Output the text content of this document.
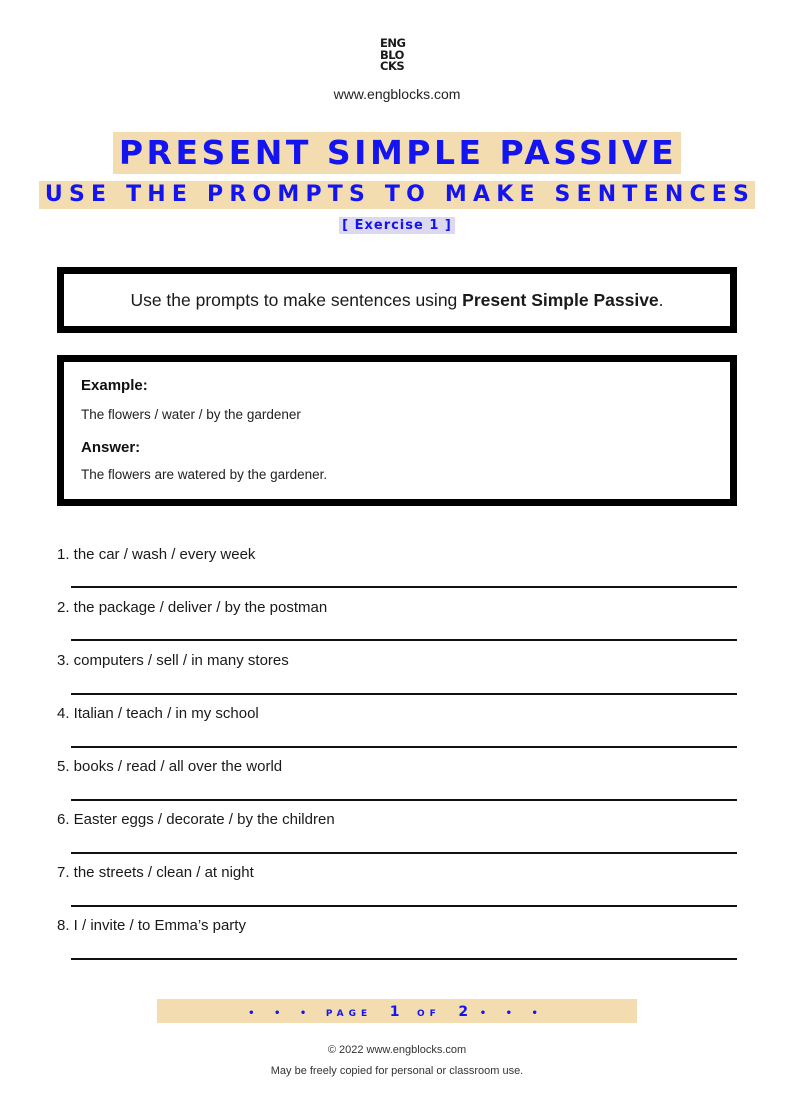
ENG
BLO
CKS
www.engblocks.com
PRESENT SIMPLE PASSIVE
USE THE PROMPTS TO MAKE SENTENCES
[ Exercise 1 ]
Use the prompts to make sentences using Present Simple Passive.
Example:
The flowers / water / by the gardener
Answer:
The flowers are watered by the gardener.
1. the car / wash / every week
2. the package / deliver / by the postman
3. computers / sell / in many stores
4. Italian / teach / in my school
5. books / read / all over the world
6. Easter eggs / decorate / by the children
7. the streets / clean / at night
8. I / invite / to Emma’s party
• • • PAGE 1 OF 2 • • •
© 2022 www.engblocks.com
May be freely copied for personal or classroom use.
